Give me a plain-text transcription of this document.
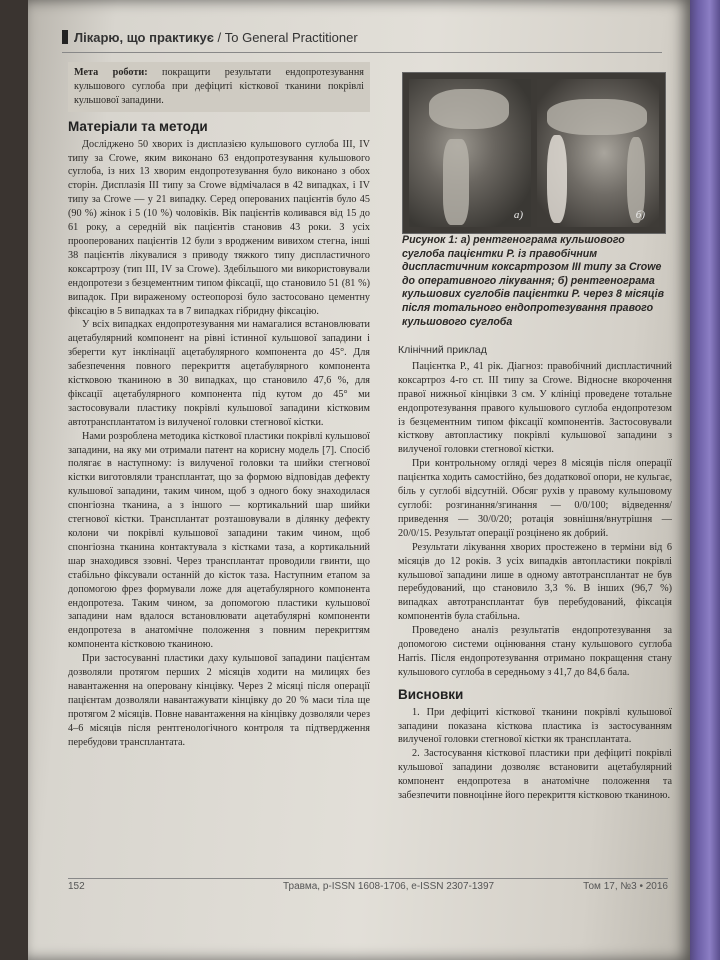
Лікарю, що практикує / To General Practitioner

Мета роботи: покращити результати ендопротезування кульшового суглоба при дефіциті кісткової тканини покрівлі кульшової западини.

Матеріали та методи

Досліджено 50 хворих із дисплазією кульшового суглоба III, IV типу за Crowe, яким виконано 63 ендопротезування кульшового суглоба, із них 13 хворим ендопротезування було виконано з обох сторін. Дисплазія III типу за Crowe відмічалася в 42 випадках, і IV типу за Crowe — у 21 випадку. Серед оперованих пацієнтів було 45 (90 %) жінок і 5 (10 %) чоловіків. Вік пацієнтів коливався від 15 до 61 року, а середній вік пацієнтів становив 43 роки. З усіх прооперованих пацієнтів 12 були з вродженим вивихом стегна, інші 38 пацієнтів лікувалися з приводу тяжкого типу диспластичного коксартрозу (тип III, IV за Crowe). Здебільшого ми використовували ендопротези з безцементним типом фіксації, що становило 51 (81 %) випадок. При вираженому остеопорозі було застосовано цементну фіксацію в 5 випадках та в 7 випадках гібридну фіксацію.

У всіх випадках ендопротезування ми намагалися встановлювати ацетабулярний компонент на рівні істинної кульшової западини і зберегти кут інклінації ацетабулярного компонента до 45°. Для забезпечення повного перекриття ацетабулярного компонента кістковою тканиною в 30 випадках, що становило 47,6 %, для фіксації ацетабулярного компонента під кутом до 45° ми застосовували пластику покрівлі кульшової западини кістковим автотрансплантатом із вилученої головки стегнової кістки.

Нами розроблена методика кісткової пластики покрівлі кульшової западини, на яку ми отримали патент на корисну модель [7]. Спосіб полягає в наступному: із вилученої головки та шийки стегнової кістки виготовляли трансплантат, що за формою відповідав дефекту кульшової западини, таким чином, щоб з одного боку знаходилася спонгіозна тканина, а з іншого — кортикальний шар шийки стегнової кістки. Трансплантат розташовували в ділянку дефекту колони чи покрівлі кульшової западини таким чином, щоб спонгіозна тканина контактувала з кістками таза, а кортикальний шар знаходився ззовні. Через трансплантат проводили гвинти, що стабільно фіксували останній до кісток таза. Наступним етапом за допомогою фрез формували ложе для ацетабулярного компонента ендопротеза. Таким чином, за допомогою пластики кульшової западини нам вдалося встановлювати ацетабулярні компоненти ендопротеза в анатомічне положення з повним перекриттям компонента кістковою тканиною.

При застосуванні пластики даху кульшової западини пацієнтам дозволяли протягом перших 2 місяців ходити на милицях без навантаження на оперовану кінцівку. Через 2 місяці після операції пацієнтам дозволяли навантажувати кінцівку до 20 % маси тіла ще протягом 2 місяців. Повне навантаження на кінцівку дозволяли через 4–6 місяців після рентгенологічного контроля та підтвердження перебудови трансплантата.

а)	б)
Рисунок 1: а) рентгенограма кульшового суглоба пацієнтки Р. із правобічним диспластичним коксартрозом III типу за Crowe до оперативного лікування; б) рентгенограма кульшових суглобів пацієнтки Р. через 8 місяців після тотального ендопротезування правого кульшового суглоба
Клінічний приклад

Пацієнтка Р., 41 рік. Діагноз: правобічний диспластичний коксартроз 4-го ст. III типу за Crowe. Відносне вкорочення правої нижньої кінцівки 3 см. У клініці проведене тотальне ендопротезування правого кульшового суглоба ендопротезом із безцементним типом фіксації компонентів. Застосовували кісткову автопластику покрівлі кульшової западини з вилученої головки стегнової кістки.

При контрольному огляді через 8 місяців після операції пацієнтка ходить самостійно, без додаткової опори, не кульгає, біль у суглобі відсутній. Обсяг рухів у правому кульшовому суглобі: розгинання/згинання — 0/0/100; відведення/приведення — 30/0/20; ротація зовнішня/внутрішня — 20/0/15. Результат операції розцінено як добрий.

Результати лікування хворих простежено в терміни від 6 місяців до 12 років. З усіх випадків автопластики покрівлі кульшової западини лише в одному автотрансплантат не був перебудований, що становило 3,3 %. В інших (96,7 %) випадках автотрансплантат був перебудований, фіксація компонентів була стабільна.

Проведено аналіз результатів ендопротезування за допомогою системи оцінювання стану кульшового суглоба Harris. Після ендопротезування отримано покращення стану кульшового суглоба в середньому з 41,7 до 84,6 бала.

Висновки

1. При дефіциті кісткової тканини покрівлі кульшової западини показана кісткова пластика із застосуванням вилученої головки стегнової кістки як трансплантата.

2. Застосування кісткової пластики при дефіциті покрівлі кульшової западини дозволяє встановити ацетабулярний компонент ендопротеза в анатомічне положення та забезпечити повноцінне його перекриття кістковою тканиною.

152	Травма, p-ISSN 1608-1706, e-ISSN 2307-1397	Том 17, №3 • 2016
